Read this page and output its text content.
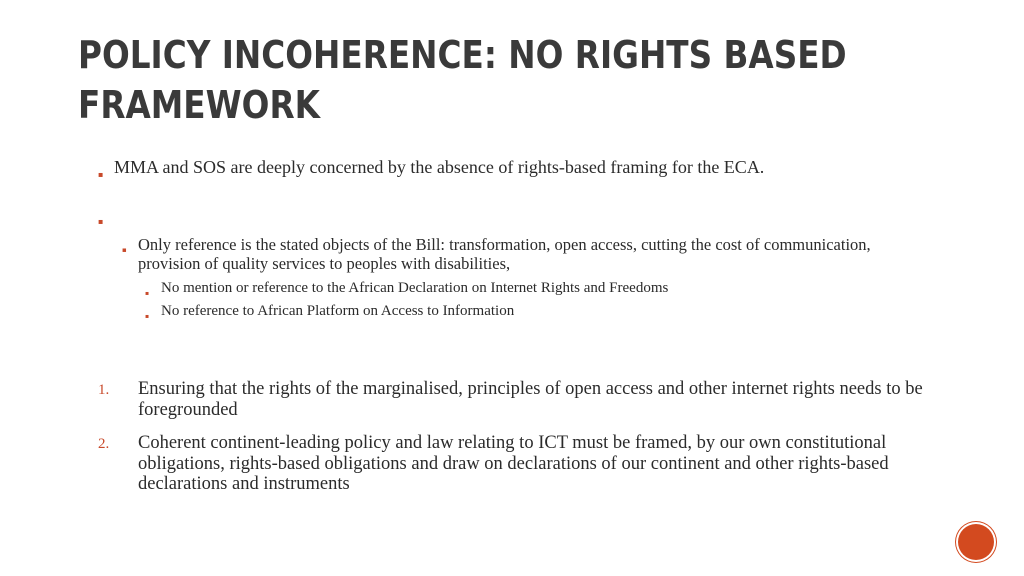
POLICY INCOHERENCE: NO RIGHTS BASED
FRAMEWORK
▪ MMA and SOS are deeply concerned by the absence of rights-based framing for the ECA.
▪
▪ Only reference is the stated objects of the Bill: transformation, open access, cutting the cost of communication, provision of quality services to peoples with disabilities,
▪ No mention or reference to the African Declaration on Internet Rights and Freedoms
▪ No reference to African Platform on Access to Information
1.	Ensuring that the rights of the marginalised, principles of open access and other internet rights needs to be foregrounded
2.	Coherent continent-leading policy and law relating to ICT must be framed, by our own constitutional obligations, rights-based obligations and draw on declarations of our continent and other rights-based declarations and instruments
